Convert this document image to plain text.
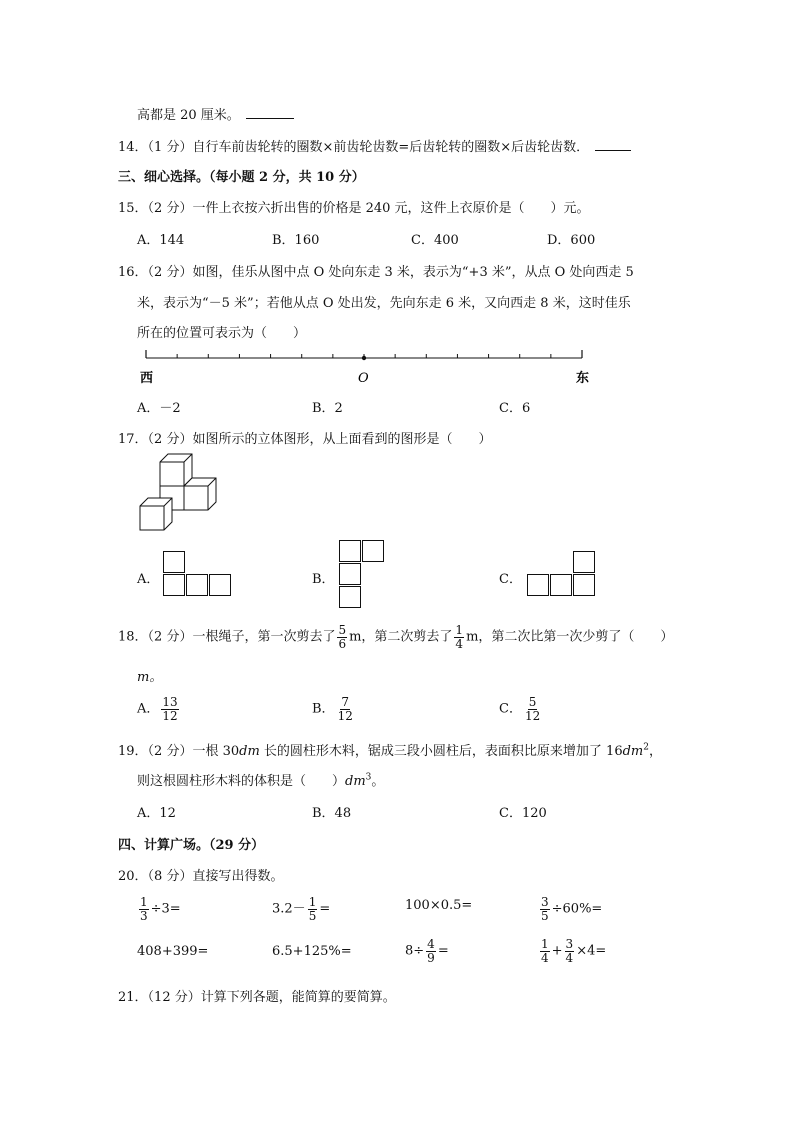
高都是 20 厘米。
14．（1 分）自行车前齿轮转的圈数×前齿轮齿数=后齿轮转的圈数×后齿轮齿数．
三、细心选择。（每小题 2 分，共 10 分）
15．（2 分）一件上衣按六折出售的价格是 240 元，这件上衣原价是（　　）元。
A．144	B．160	C．400	D．600
16．（2 分）如图，佳乐从图中点 O 处向东走 3 米，表示为“+3 米”，从点 O 处向西走 5
米，表示为“－5 米”；若他从点 O 处出发，先向东走 6 米，又向西走 8 米，这时佳乐
所在的位置可表示为（　　）
西	O	东
A．－2	B．2	C．6
17．（2 分）如图所示的立体图形，从上面看到的图形是（　　）
A．	B．	C．
18．（2 分）一根绳子，第一次剪去了 $\frac{5}{6}$ m，第二次剪去了 $\frac{1}{4}$ m，第二次比第一次少剪了（　　）
m。
A． $\frac{13}{12}$	B． $\frac{7}{12}$	C． $\frac{5}{12}$
19．（2 分）一根 30dm 长的圆柱形木料，锯成三段小圆柱后，表面积比原来增加了 $16dm^2$，
则这根圆柱形木料的体积是（　　）$dm^3$。
A．12	B．48	C．120
四、计算广场。（29 分）
20．（8 分）直接写出得数。
$\frac{1}{3} \div 3=$	$3.2- \frac{1}{5}$ =	100×0.5=	$\frac{3}{5} \div 60\%=$
408+399=	6.5+125%=	$8\div \frac{4}{9}$ =	$\frac{1}{4} + \frac{3}{4} \times 4=$
21．（12 分）计算下列各题，能简算的要简算。
